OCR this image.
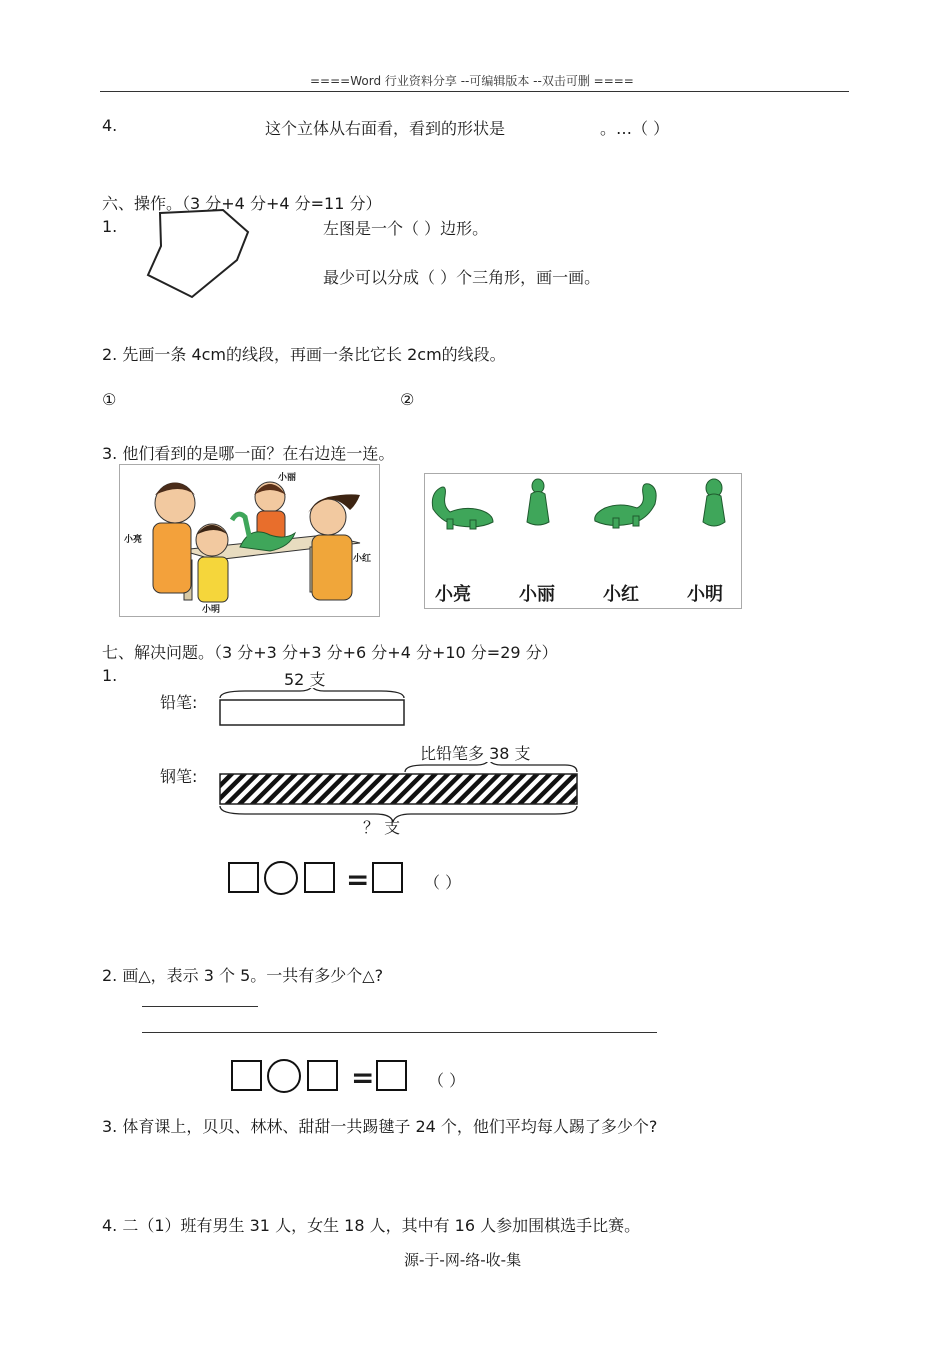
====Word 行业资料分享 --可编辑版本 --双击可删 ====
4.	这个立体从右面看，看到的形状是	。…（ ）
六、操作。（3 分+4 分+4 分=11 分）
1.	左图是一个（ ）边形。
最少可以分成（ ）个三角形，画一画。
2. 先画一条 4cm的线段，再画一条比它长 2cm的线段。
①	②
3. 他们看到的是哪一面？在右边连一连。
小亮
小丽
小红
小明
小亮	小丽	小红	小明
七、解决问题。（3 分+3 分+3 分+6 分+4 分+10 分=29 分）
1.	52 支
铅笔:
比铅笔多 38 支
钢笔:
？ 支
=	（ ）
2. 画△，表示 3 个 5。一共有多少个△?
=	（ ）
3. 体育课上，贝贝、林林、甜甜一共踢毽子 24 个，他们平均每人踢了多少个?
4. 二（1）班有男生 31 人，女生 18 人，其中有 16 人参加围棋选手比赛。
源-于-网-络-收-集
